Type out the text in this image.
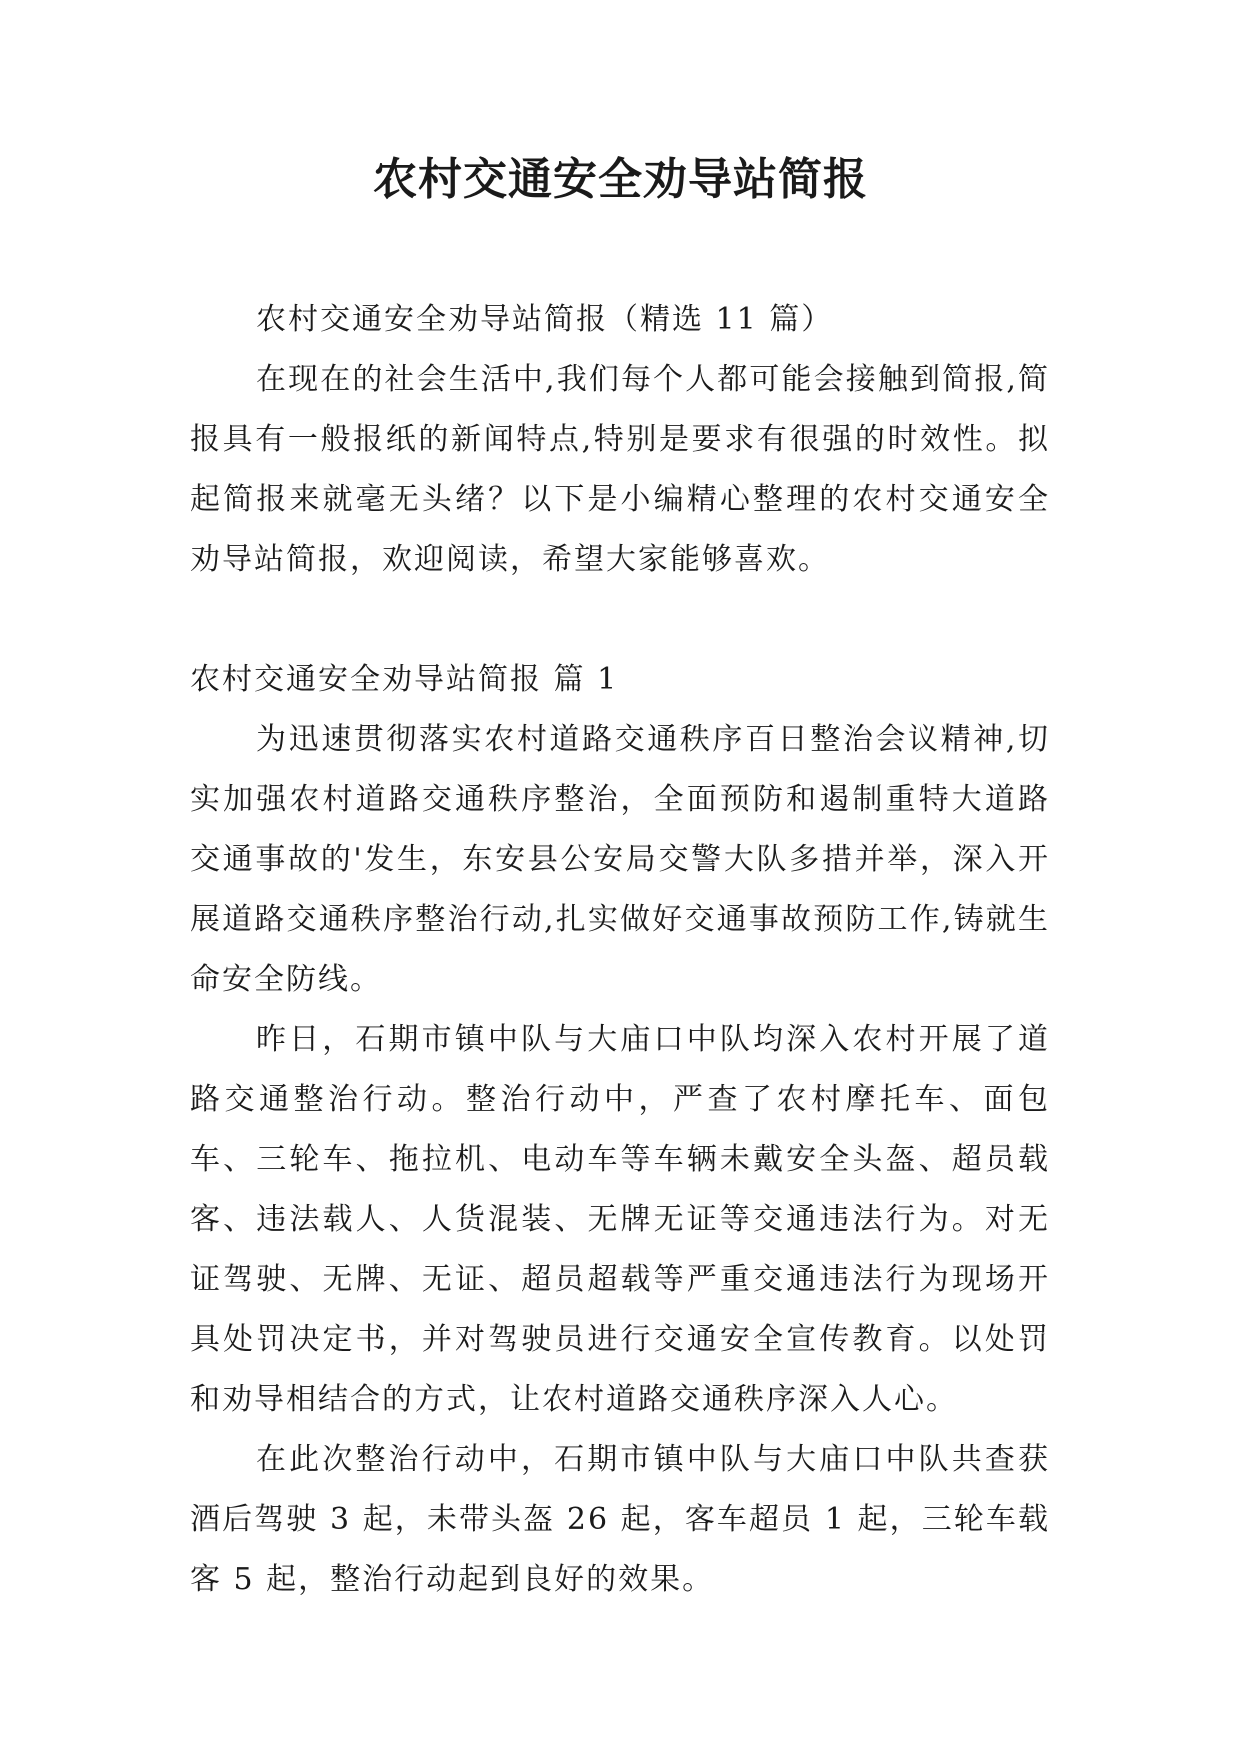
农村交通安全劝导站简报

农村交通安全劝导站简报（精选 11 篇）

在现在的社会生活中,我们每个人都可能会接触到简报,简报具有一般报纸的新闻特点,特别是要求有很强的时效性。拟起简报来就毫无头绪？以下是小编精心整理的农村交通安全劝导站简报，欢迎阅读，希望大家能够喜欢。

农村交通安全劝导站简报 篇 1

为迅速贯彻落实农村道路交通秩序百日整治会议精神,切实加强农村道路交通秩序整治，全面预防和遏制重特大道路交通事故的'发生，东安县公安局交警大队多措并举，深入开展道路交通秩序整治行动,扎实做好交通事故预防工作,铸就生命安全防线。

昨日，石期市镇中队与大庙口中队均深入农村开展了道路交通整治行动。整治行动中，严查了农村摩托车、面包车、三轮车、拖拉机、电动车等车辆未戴安全头盔、超员载客、违法载人、人货混装、无牌无证等交通违法行为。对无证驾驶、无牌、无证、超员超载等严重交通违法行为现场开具处罚决定书，并对驾驶员进行交通安全宣传教育。以处罚和劝导相结合的方式，让农村道路交通秩序深入人心。

在此次整治行动中，石期市镇中队与大庙口中队共查获酒后驾驶 3 起，未带头盔 26 起，客车超员 1 起，三轮车载客 5 起，整治行动起到良好的效果。
